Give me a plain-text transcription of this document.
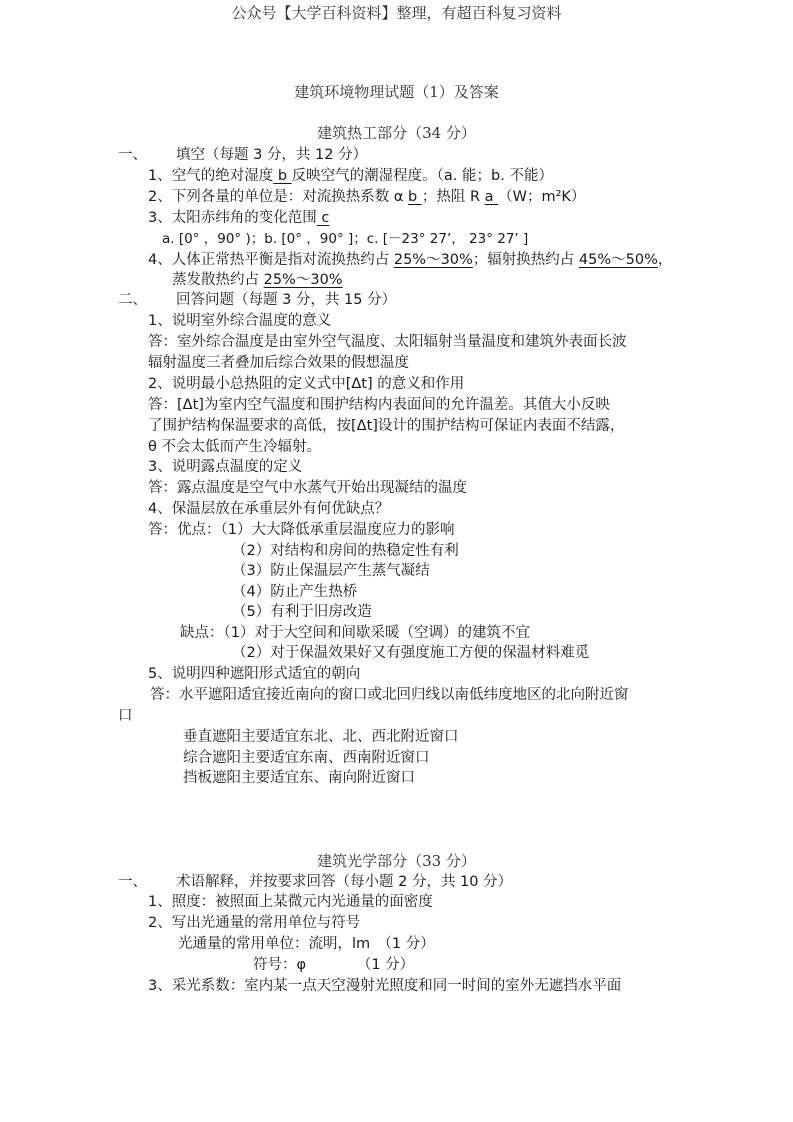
公众号【大学百科资料】整理，有超百科复习资料
建筑环境物理试题（1）及答案
建筑热工部分（34 分）
一、 填空（每题 3 分，共 12 分）
1、空气的绝对湿度 b 反映空气的潮湿程度。（a. 能；b. 不能）
2、下列各量的单位是：对流换热系数 α b ；热阻 R a （W；m²K）
3、太阳赤纬角的变化范围 c
a. [0° ，90° )；b. [0° ，90° ]；c. [－23° 27’， 23° 27’ ]
4、人体正常热平衡是指对流换热约占 25%～30%；辐射换热约占 45%～50%，
蒸发散热约占 25%～30%
二、 回答问题（每题 3 分，共 15 分）
1、说明室外综合温度的意义
答：室外综合温度是由室外空气温度、太阳辐射当量温度和建筑外表面长波
辐射温度三者叠加后综合效果的假想温度
2、说明最小总热阻的定义式中[Δt] 的意义和作用
答：[Δt]为室内空气温度和围护结构内表面间的允许温差。其值大小反映
了围护结构保温要求的高低，按[Δt]设计的围护结构可保证内表面不结露，
θ 不会太低而产生冷辐射。
3、说明露点温度的定义
答：露点温度是空气中水蒸气开始出现凝结的温度
4、保温层放在承重层外有何优缺点？
答：优点：（1）大大降低承重层温度应力的影响
（2）对结构和房间的热稳定性有利
（3）防止保温层产生蒸气凝结
（4）防止产生热桥
（5）有利于旧房改造
缺点：（1）对于大空间和间歇采暖（空调）的建筑不宜
（2）对于保温效果好又有强度施工方便的保温材料难觅
5、说明四种遮阳形式适宜的朝向
答：水平遮阳适宜接近南向的窗口或北回归线以南低纬度地区的北向附近窗
口
垂直遮阳主要适宜东北、北、西北附近窗口
综合遮阳主要适宜东南、西南附近窗口
挡板遮阳主要适宜东、南向附近窗口
建筑光学部分（33 分）
一、 术语解释，并按要求回答（每小题 2 分，共 10 分）
1、照度：被照面上某微元内光通量的面密度
2、写出光通量的常用单位与符号
光通量的常用单位：流明，lm　（1 分）
符号：φ　　　　（1 分）
3、采光系数：室内某一点天空漫射光照度和同一时间的室外无遮挡水平面
